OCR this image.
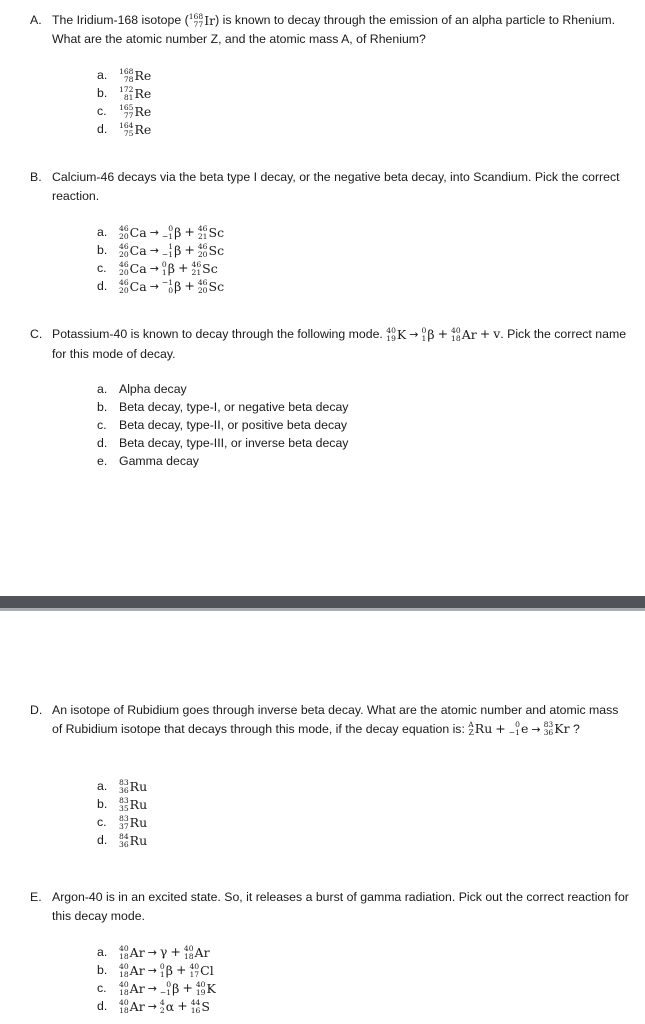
A. The Iridium-168 isotope ( 168
77 Ir ) is known to decay through the emission of an alpha particle to Rhenium. What are the atomic number Z, and the atomic mass A, of Rhenium?
a. 168
78 Re
b. 172
81 Re
c. 165
77 Re
d. 164
75 Re
B. Calcium-46 decays via the beta type I decay, or the negative beta decay, into Scandium. Pick the correct reaction.
a. 46
20 Ca →	0
−1 β + 46
21 Sc
b. 46
20 Ca →	1
−1 β + 46
20 Sc
c. 46
20 Ca → 0
1 β + 46
21 Sc
d. 46
20 Ca → −1
0 β + 46
20 Sc
C. Potassium-40 is known to decay through the following mode. 40
19 K → 0
1 β + 40
18 Ar + v. Pick the correct name for this mode of decay.
a. Alpha decay
b. Beta decay, type-I, or negative beta decay
c. Beta decay, type-II, or positive beta decay
d. Beta decay, type-III, or inverse beta decay
e. Gamma decay
D. An isotope of Rubidium goes through inverse beta decay. What are the atomic number and atomic mass of Rubidium isotope that decays through this mode, if the decay equation is: A
Z Ru +	0
−1 e → 83
36 Kr ?
a. 83
36 Ru
b. 83
35 Ru
c. 83
37 Ru
d. 84
36 Ru
E. Argon-40 is in an excited state. So, it releases a burst of gamma radiation. Pick out the correct reaction for this decay mode.
a. 40
18 Ar → γ + 40
18 Ar
b. 40
18 Ar → 0
1 β + 40
17 Cl
c. 40
18 Ar →	0
−1 β + 40
19 K
d. 40
18 Ar → 4
2 α + 44
16 S
